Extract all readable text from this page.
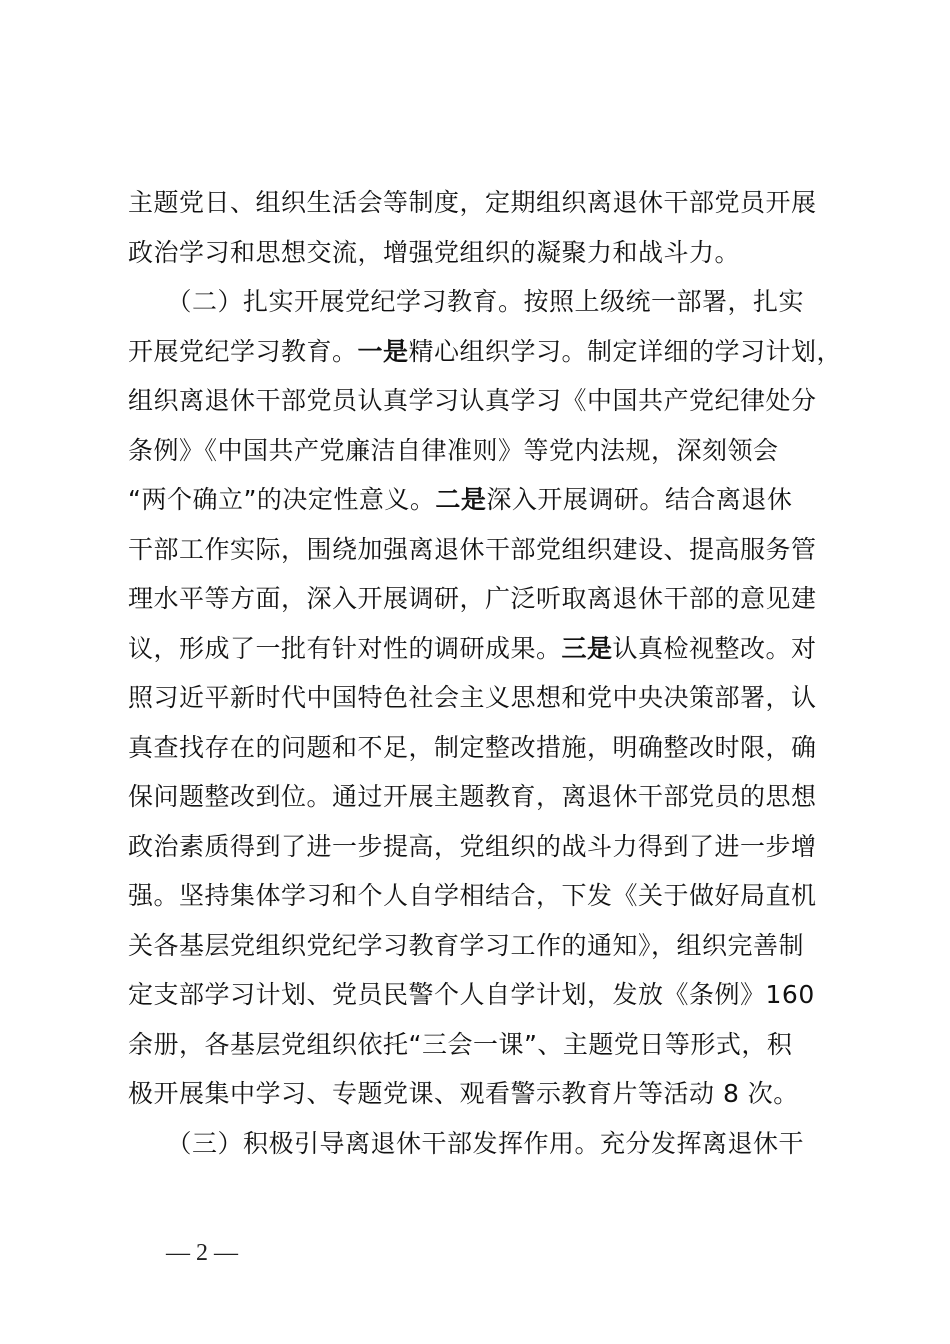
主题党日、组织生活会等制度，定期组织离退休干部党员开展
政治学习和思想交流，增强党组织的凝聚力和战斗力。
　　（二）扎实开展党纪学习教育。按照上级统一部署，扎实
开展党纪学习教育。一是精心组织学习。制定详细的学习计划，
组织离退休干部党员认真学习认真学习《中国共产党纪律处分
条例》《中国共产党廉洁自律准则》等党内法规，深刻领会
“两个确立”的决定性意义。二是深入开展调研。结合离退休
干部工作实际，围绕加强离退休干部党组织建设、提高服务管
理水平等方面，深入开展调研，广泛听取离退休干部的意见建
议，形成了一批有针对性的调研成果。三是认真检视整改。对
照习近平新时代中国特色社会主义思想和党中央决策部署，认
真查找存在的问题和不足，制定整改措施，明确整改时限，确
保问题整改到位。通过开展主题教育，离退休干部党员的思想
政治素质得到了进一步提高，党组织的战斗力得到了进一步增
强。坚持集体学习和个人自学相结合，下发《关于做好局直机
关各基层党组织党纪学习教育学习工作的通知》，组织完善制
定支部学习计划、党员民警个人自学计划，发放《条例》160
余册，各基层党组织依托“三会一课”、主题党日等形式，积
极开展集中学习、专题党课、观看警示教育片等活动 8 次。
　　（三）积极引导离退休干部发挥作用。充分发挥离退休干
— 2 —
